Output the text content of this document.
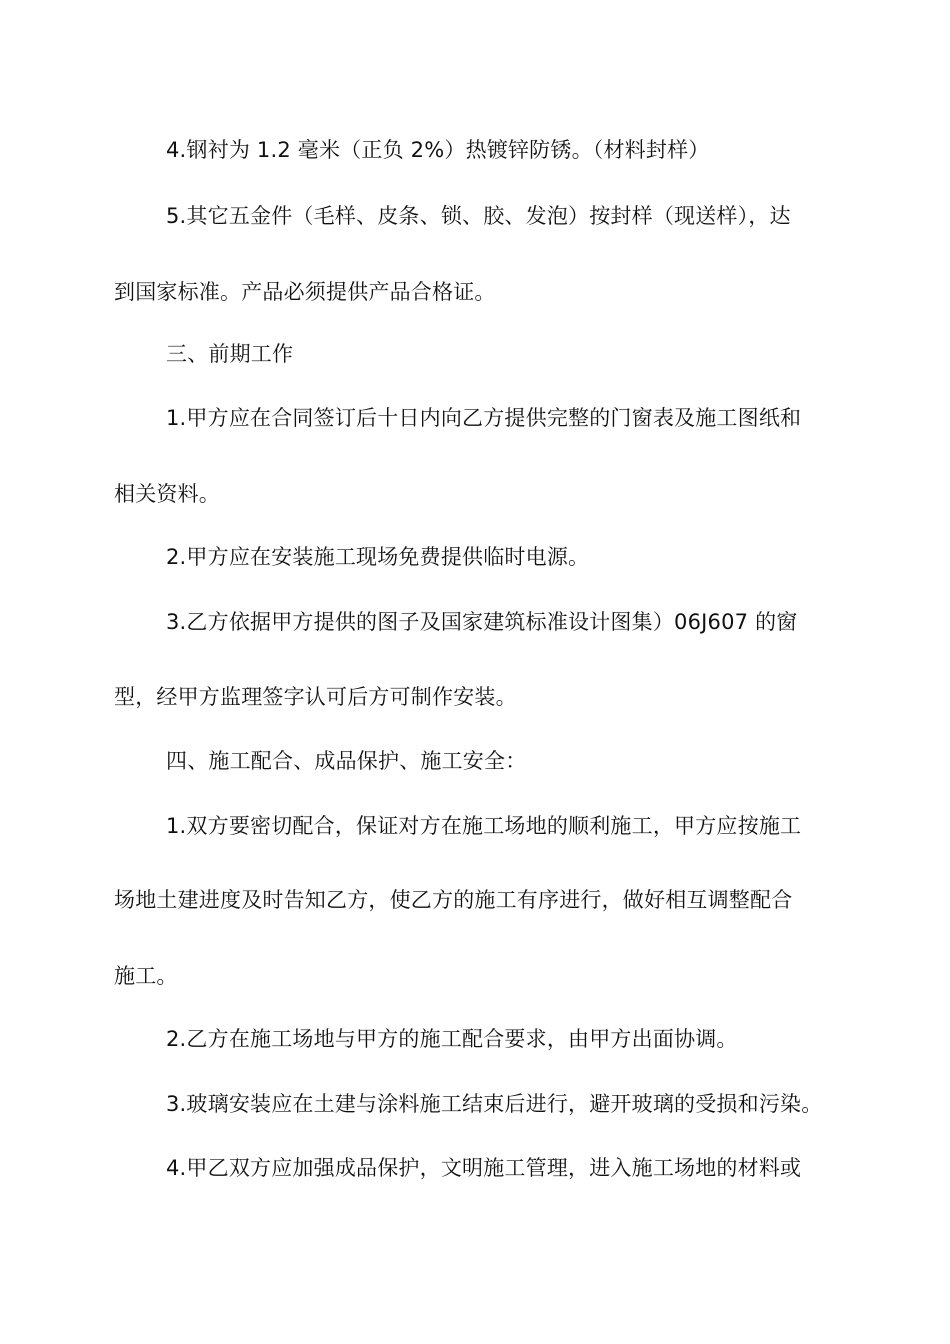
4.钢衬为 1.2 毫米（正负 2%）热镀锌防锈。（材料封样）
5.其它五金件（毛样、皮条、锁、胶、发泡）按封样（现送样），达
到国家标准。产品必须提供产品合格证。
三、前期工作
1.甲方应在合同签订后十日内向乙方提供完整的门窗表及施工图纸和
相关资料。
2.甲方应在安装施工现场免费提供临时电源。
3.乙方依据甲方提供的图子及国家建筑标准设计图集）06J607 的窗
型，经甲方监理签字认可后方可制作安装。
四、施工配合、成品保护、施工安全：
1.双方要密切配合，保证对方在施工场地的顺利施工，甲方应按施工
场地土建进度及时告知乙方，使乙方的施工有序进行，做好相互调整配合
施工。
2.乙方在施工场地与甲方的施工配合要求，由甲方出面协调。
3.玻璃安装应在土建与涂料施工结束后进行，避开玻璃的受损和污染。
4.甲乙双方应加强成品保护，文明施工管理，进入施工场地的材料或
